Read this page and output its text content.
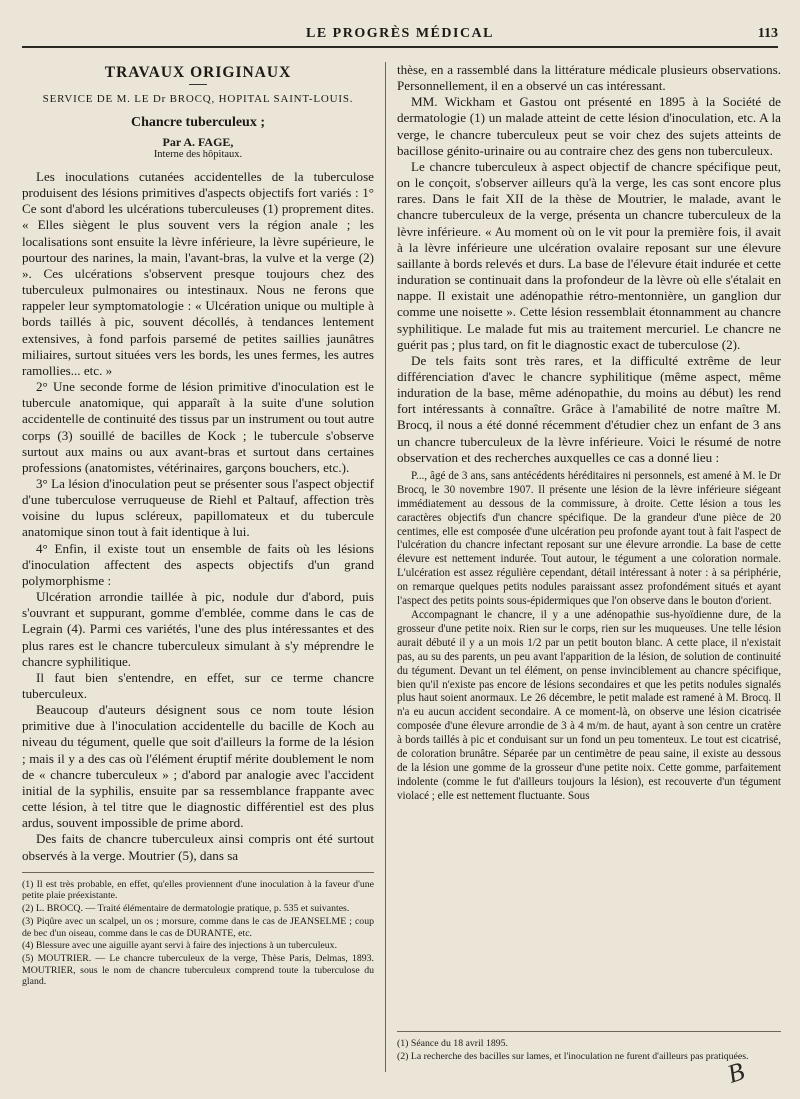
LE PROGRÈS MÉDICAL	113
TRAVAUX ORIGINAUX
SERVICE DE M. LE Dr BROCQ, HOPITAL SAINT-LOUIS.
Chancre tuberculeux ;
Par A. FAGE,
Interne des hôpitaux.

Les inoculations cutanées accidentelles de la tuberculose produisent des lésions primitives d'aspects objectifs fort variés : 1° Ce sont d'abord les ulcérations tuberculeuses (1) proprement dites. « Elles siègent le plus souvent vers la région anale ; les localisations sont ensuite la lèvre inférieure, la lèvre supérieure, le pourtour des narines, la main, l'avant-bras, la vulve et la verge (2) ». Ces ulcérations s'observent presque toujours chez des tuberculeux pulmonaires ou intestinaux. Nous ne ferons que rappeler leur symptomatologie : « Ulcération unique ou multiple à bords taillés à pic, souvent décollés, à tendances lentement extensives, à fond parfois parsemé de petites saillies jaunâtres miliaires, surtout situées vers les bords, les unes fermes, les autres ramollies... etc. »

2° Une seconde forme de lésion primitive d'inoculation est le tubercule anatomique, qui apparaît à la suite d'une solution accidentelle de continuité des tissus par un instrument ou tout autre corps (3) souillé de bacilles de Kock ; le tubercule s'observe surtout aux mains ou aux avant-bras et surtout dans certaines professions (anatomistes, vétérinaires, garçons bouchers, etc.).

3° La lésion d'inoculation peut se présenter sous l'aspect objectif d'une tuberculose verruqueuse de Riehl et Paltauf, affection très voisine du lupus scléreux, papillomateux et du tubercule anatomique sinon tout à fait identique à lui.

4° Enfin, il existe tout un ensemble de faits où les lésions d'inoculation affectent des aspects objectifs d'un grand polymorphisme :

Ulcération arrondie taillée à pic, nodule dur d'abord, puis s'ouvrant et suppurant, gomme d'emblée, comme dans le cas de Legrain (4). Parmi ces variétés, l'une des plus intéressantes et des plus rares est le chancre tuberculeux simulant à s'y méprendre le chancre syphilitique.

Il faut bien s'entendre, en effet, sur ce terme chancre tuberculeux.

Beaucoup d'auteurs désignent sous ce nom toute lésion primitive due à l'inoculation accidentelle du bacille de Koch au niveau du tégument, quelle que soit d'ailleurs la forme de la lésion ; mais il y a des cas où l'élément éruptif mérite doublement le nom de « chancre tuberculeux » ; d'abord par analogie avec l'accident initial de la syphilis, ensuite par sa ressemblance frappante avec cette lésion, à tel titre que le diagnostic différentiel est des plus ardus, souvent impossible de prime abord.

Des faits de chancre tuberculeux ainsi compris ont été surtout observés à la verge. Moutrier (5), dans sa

(1) Il est très probable, en effet, qu'elles proviennent d'une inoculation à la faveur d'une petite plaie préexistante.

(2) L. BROCQ. — Traité élémentaire de dermatologie pratique, p. 535 et suivantes.

(3) Piqûre avec un scalpel, un os ; morsure, comme dans le cas de JEANSELME ; coup de bec d'un oiseau, comme dans le cas de DURANTE, etc.

(4) Blessure avec une aiguille ayant servi à faire des injections à un tuberculeux.

(5) MOUTRIER. — Le chancre tuberculeux de la verge, Thèse Paris, Delmas, 1893. MOUTRIER, sous le nom de chancre tuberculeux comprend toute la tuberculose du gland.

thèse, en a rassemblé dans la littérature médicale plusieurs observations. Personnellement, il en a observé un cas intéressant.

MM. Wickham et Gastou ont présenté en 1895 à la Société de dermatologie (1) un malade atteint de cette lésion d'inoculation, etc. A la verge, le chancre tuberculeux peut se voir chez des sujets atteints de bacillose génito-urinaire ou au contraire chez des gens non tuberculeux.

Le chancre tuberculeux à aspect objectif de chancre spécifique peut, on le conçoit, s'observer ailleurs qu'à la verge, les cas sont encore plus rares. Dans le fait XII de la thèse de Moutrier, le malade, avant le chancre tuberculeux de la verge, présenta un chancre tuberculeux de la lèvre inférieure. « Au moment où on le vit pour la première fois, il avait à la lèvre inférieure une ulcération ovalaire reposant sur une élevure saillante à bords relevés et durs. La base de l'élevure était indurée et cette induration se continuait dans la profondeur de la lèvre où elle s'étalait en nappe. Il existait une adénopathie rétro-mentonnière, un ganglion dur comme une noisette ». Cette lésion ressemblait étonnamment au chancre syphilitique. Le malade fut mis au traitement mercuriel. Le chancre ne guérit pas ; plus tard, on fit le diagnostic exact de tuberculose (2).

De tels faits sont très rares, et la difficulté extrême de leur différenciation d'avec le chancre syphilitique (même aspect, même induration de la base, même adénopathie, du moins au début) les rend fort intéressants à connaître. Grâce à l'amabilité de notre maître M. Brocq, il nous a été donné récemment d'étudier chez un enfant de 3 ans un chancre tuberculeux de la lèvre inférieure. Voici le résumé de notre observation et des recherches auxquelles ce cas a donné lieu :

P..., âgé de 3 ans, sans antécédents héréditaires ni personnels, est amené à M. le Dr Brocq, le 30 novembre 1907. Il présente une lésion de la lèvre inférieure siégeant immédiatement au dessous de la commissure, à droite. Cette lésion a tous les caractères objectifs d'un chancre spécifique. De la grandeur d'une pièce de 20 centimes, elle est composée d'une ulcération peu profonde ayant tout à fait l'aspect de l'ulcération du chancre infectant reposant sur une élevure arrondie. La base de cette élevure est nettement indurée. Tout autour, le tégument a une coloration normale. L'ulcération est assez régulière cependant, détail intéressant à noter : à sa périphérie, on remarque quelques petits nodules paraissant assez profondément situés et ayant l'aspect des petits points sous-épidermiques que l'on observe dans le bouton d'orient.

Accompagnant le chancre, il y a une adénopathie sus-hyoïdienne dure, de la grosseur d'une petite noix. Rien sur le corps, rien sur les muqueuses. Une telle lésion aurait débuté il y a un mois 1/2 par un petit bouton blanc. A cette place, il n'existait pas, au su des parents, un peu avant l'apparition de la lésion, de solution de continuité du tégument. Devant un tel élément, on pense invinciblement au chancre spécifique, bien qu'il n'existe pas encore de lésions secondaires et que les petits nodules signalés plus haut soient anormaux. Le 26 décembre, le petit malade est ramené à M. Brocq. Il n'a eu aucun accident secondaire. A ce moment-là, on observe une lésion cicatrisée composée d'une élevure arrondie de 3 à 4 m/m. de haut, ayant à son centre un cratère à bords taillés à pic et conduisant sur un fond un peu tomenteux. Le tout est cicatrisé, de coloration brunâtre. Séparée par un centimètre de peau saine, il existe au dessous de la lésion une gomme de la grosseur d'une petite noix. Cette gomme, parfaitement indolente (comme le fut d'ailleurs toujours la lésion), est recouverte d'un tégument violacé ; elle est nettement fluctuante. Sous

(1) Séance du 18 avril 1895.

(2) La recherche des bacilles sur lames, et l'inoculation ne furent d'ailleurs pas pratiquées.

B
